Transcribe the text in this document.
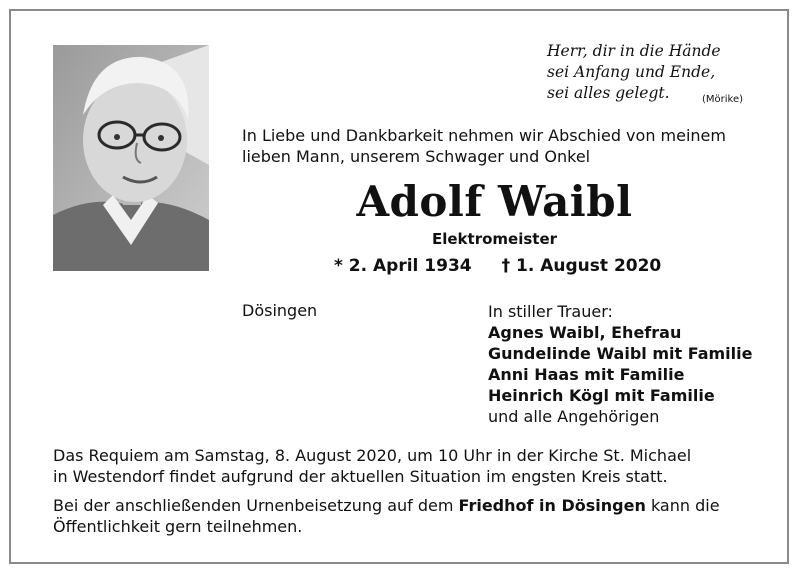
Herr, dir in die Hände
sei Anfang und Ende,
sei alles gelegt.	(Mörike)
In Liebe und Dankbarkeit nehmen wir Abschied von meinem
lieben Mann, unserem Schwager und Onkel
Adolf Waibl
Elektromeister
* 2. April 1934 † 1. August 2020
Dösingen	In stiller Trauer:
Agnes Waibl, Ehefrau
Gundelinde Waibl mit Familie
Anni Haas mit Familie
Heinrich Kögl mit Familie
und alle Angehörigen
Das Requiem am Samstag, 8. August 2020, um 10 Uhr in der Kirche St. Michael
in Westendorf findet aufgrund der aktuellen Situation im engsten Kreis statt.
Bei der anschließenden Urnenbeisetzung auf dem Friedhof in Dösingen kann die
Öffentlichkeit gern teilnehmen.
